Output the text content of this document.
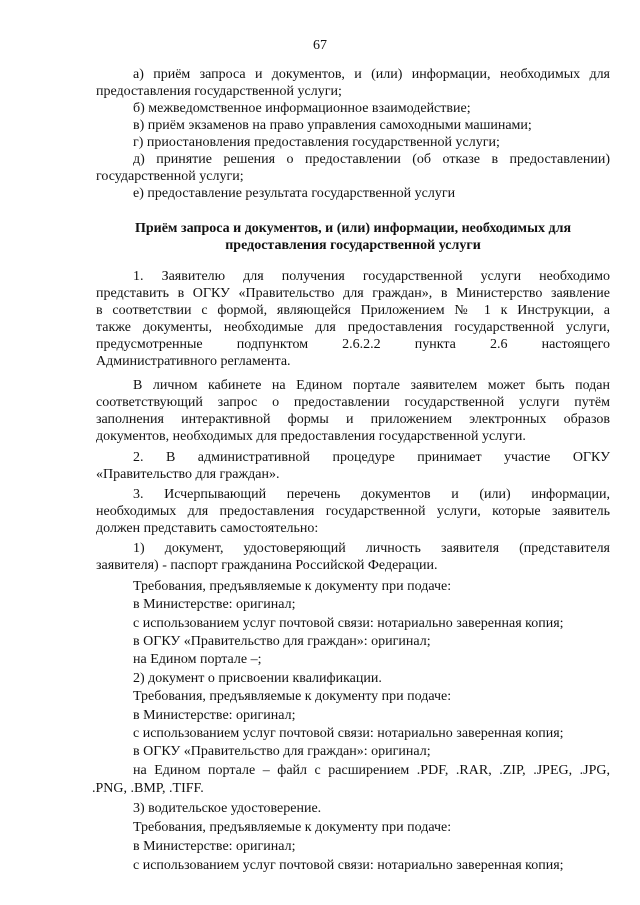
67
а) приём запроса и документов, и (или) информации, необходимых для
предоставления государственной услуги;
б) межведомственное информационное взаимодействие;
в) приём экзаменов на право управления самоходными машинами;
г) приостановления предоставления государственной услуги;
д) принятие решения о предоставлении (об отказе в предоставлении)
государственной услуги;
е) предоставление результата государственной услуги
Приём запроса и документов, и (или) информации, необходимых для
предоставления государственной услуги
1. Заявителю для получения государственной услуги необходимо
представить в ОГКУ «Правительство для граждан», в Министерство заявление
в соответствии с формой, являющейся Приложением № 1 к Инструкции, а
также документы, необходимые для предоставления государственной услуги,
предусмотренные подпунктом 2.6.2.2 пункта 2.6 настоящего
Административного регламента.
В личном кабинете на Едином портале заявителем может быть подан
соответствующий запрос о предоставлении государственной услуги путём
заполнения интерактивной формы и приложением электронных образов
документов, необходимых для предоставления государственной услуги.
2. В административной процедуре принимает участие ОГКУ
«Правительство для граждан».
3. Исчерпывающий перечень документов и (или) информации,
необходимых для предоставления государственной услуги, которые заявитель
должен представить самостоятельно:
1) документ, удостоверяющий личность заявителя (представителя
заявителя) - паспорт гражданина Российской Федерации.
Требования, предъявляемые к документу при подаче:
в Министерстве: оригинал;
с использованием услуг почтовой связи: нотариально заверенная копия;
в ОГКУ «Правительство для граждан»: оригинал;
на Едином портале –;
2) документ о присвоении квалификации.
Требования, предъявляемые к документу при подаче:
в Министерстве: оригинал;
с использованием услуг почтовой связи: нотариально заверенная копия;
в ОГКУ «Правительство для граждан»: оригинал;
на Едином портале – файл с расширением .PDF, .RAR, .ZIP, .JPEG, .JPG,
.PNG, .BMP, .TIFF.
3) водительское удостоверение.
Требования, предъявляемые к документу при подаче:
в Министерстве: оригинал;
с использованием услуг почтовой связи: нотариально заверенная копия;
